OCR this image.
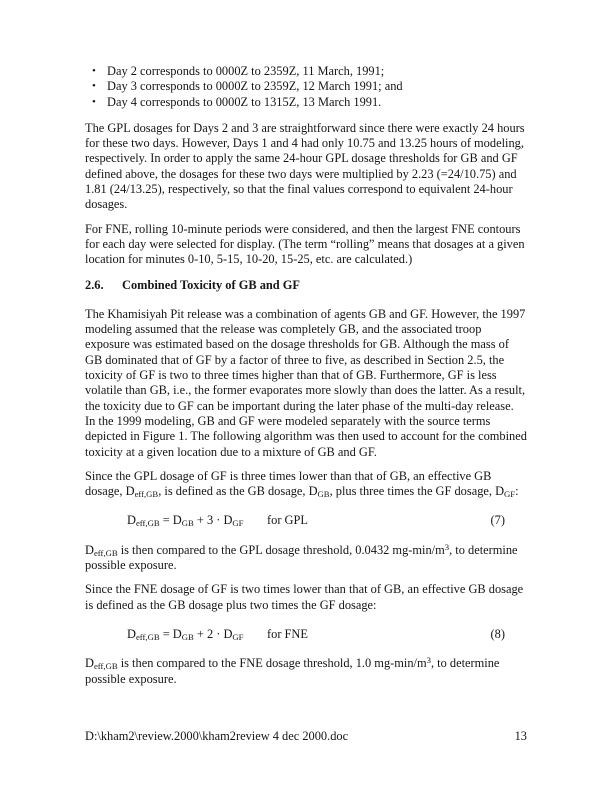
• Day 2 corresponds to 0000Z to 2359Z, 11 March, 1991;
• Day 3 corresponds to 0000Z to 2359Z, 12 March 1991; and
• Day 4 corresponds to 0000Z to 1315Z, 13 March 1991.

The GPL dosages for Days 2 and 3 are straightforward since there were exactly 24 hours for these two days. However, Days 1 and 4 had only 10.75 and 13.25 hours of modeling, respectively. In order to apply the same 24-hour GPL dosage thresholds for GB and GF defined above, the dosages for these two days were multiplied by 2.23 (=24/10.75) and 1.81 (24/13.25), respectively, so that the final values correspond to equivalent 24-hour dosages.

For FNE, rolling 10-minute periods were considered, and then the largest FNE contours for each day were selected for display. (The term “rolling” means that dosages at a given location for minutes 0-10, 5-15, 10-20, 15-25, etc. are calculated.)

2.6. Combined Toxicity of GB and GF

The Khamisiyah Pit release was a combination of agents GB and GF. However, the 1997 modeling assumed that the release was completely GB, and the associated troop exposure was estimated based on the dosage thresholds for GB. Although the mass of GB dominated that of GF by a factor of three to five, as described in Section 2.5, the toxicity of GF is two to three times higher than that of GB. Furthermore, GF is less volatile than GB, i.e., the former evaporates more slowly than does the latter. As a result, the toxicity due to GF can be important during the later phase of the multi-day release. In the 1999 modeling, GB and GF were modeled separately with the source terms depicted in Figure 1. The following algorithm was then used to account for the combined toxicity at a given location due to a mixture of GB and GF.

Since the GPL dosage of GF is three times lower than that of GB, an effective GB dosage, $D_{eff,GB}$, is defined as the GB dosage, $D_{GB}$, plus three times the GF dosage, $D_{GF}$:

$D_{eff,GB} = D_{GB} + 3 \cdot D_{GF}$	for GPL	(7)

$D_{eff,GB}$ is then compared to the GPL dosage threshold, 0.0432 $mg-\min/m^3$, to determine possible exposure.

Since the FNE dosage of GF is two times lower than that of GB, an effective GB dosage is defined as the GB dosage plus two times the GF dosage:

$D_{eff,GB} = D_{GB} + 2 \cdot D_{GF}$	for FNE	(8)

$D_{eff,GB}$ is then compared to the FNE dosage threshold, 1.0 $mg-\min/m^3$, to determine possible exposure.

D:\kham2\review.2000\kham2review 4 dec 2000.doc	13
